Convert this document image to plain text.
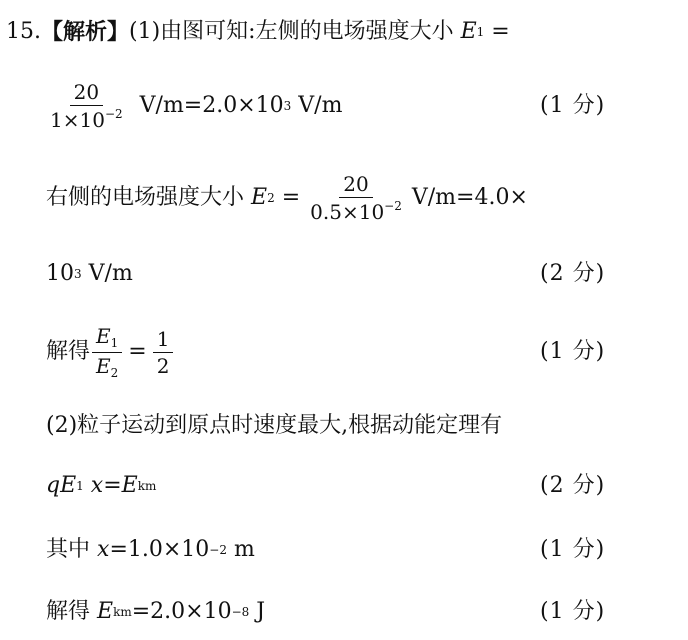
15. 【解析】 (1)由图可知:左侧的电场强度大小
E 1
=
$\frac{20}{1\times 10^{-2}}$
V/m=2.0×10 3
V/m	(1 分)
右侧的电场强度大小
E 2
= $\frac{20}{0.5\times 10^{-2}} V/m=4.0\times$
10 3
V/m	(2 分)
解得 $\frac{E_1}{E_2} = \frac{1}{2}$	(1 分)
(2)粒子运动到原点时速度最大,根据动能定理有
qE 1
x = E km	(2 分)
其中
x =1.0×10 −2
m	(1 分)
解得
E km =2.0×10 −8
J	(1 分)
